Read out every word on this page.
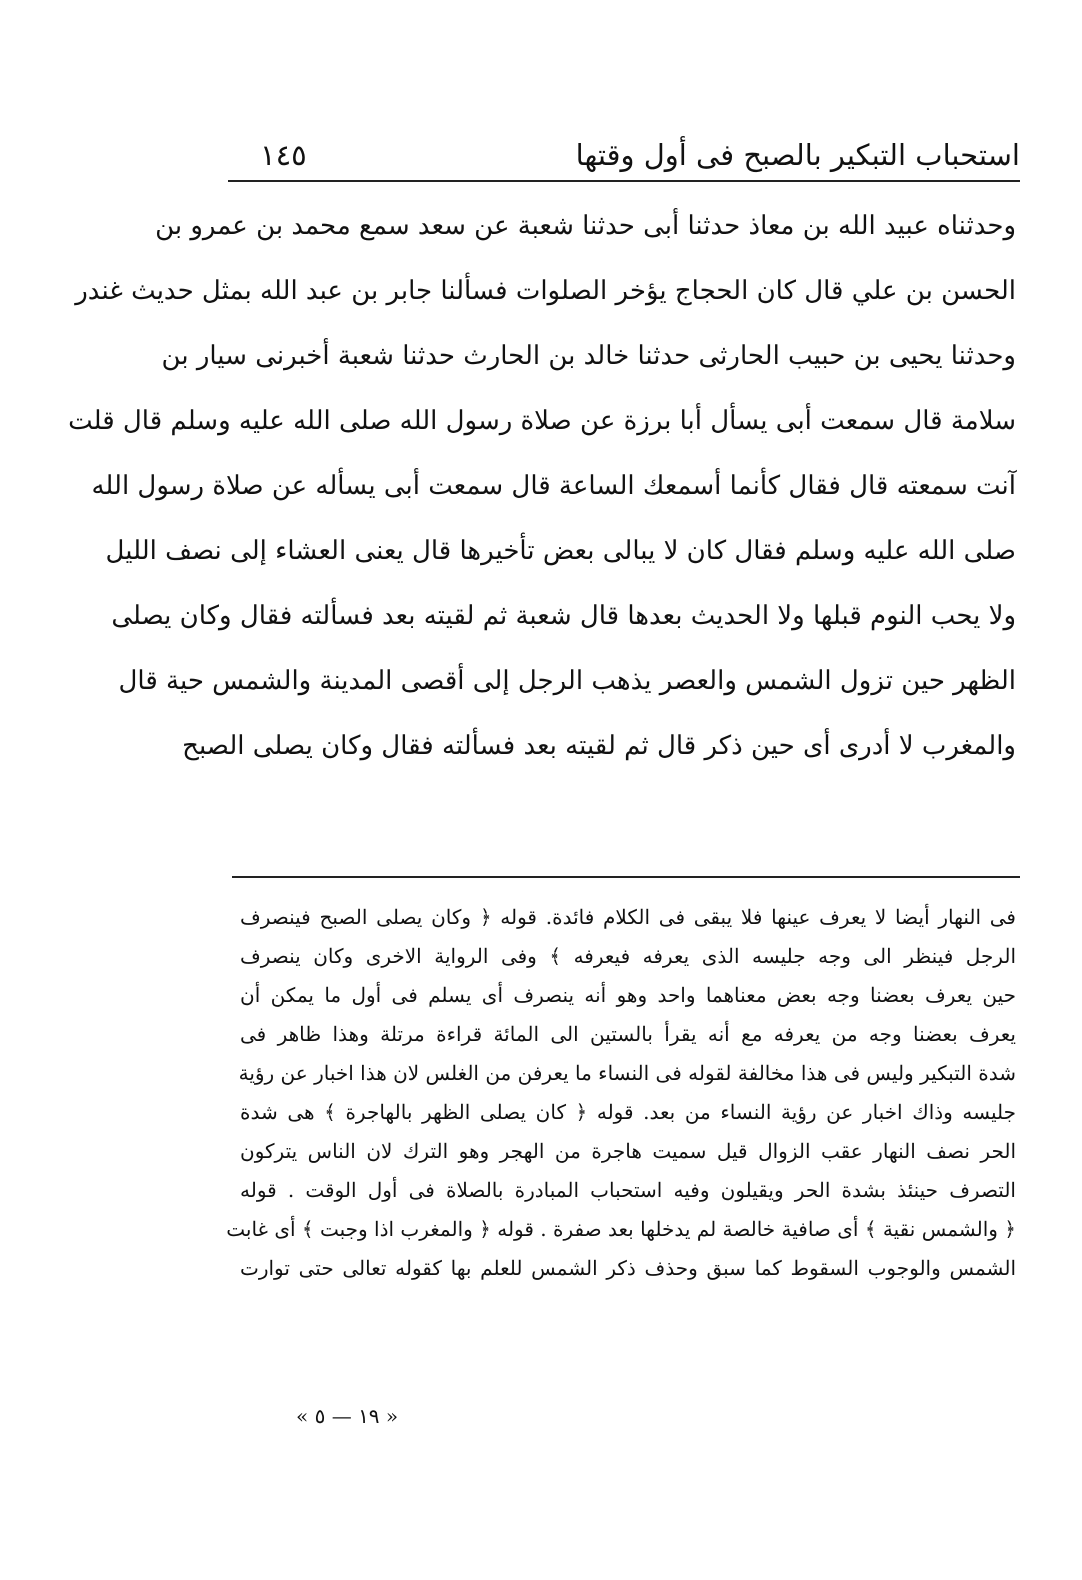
استحباب التبكير بالصبح فى أول وقتها
١٤٥
وحدثناه عبيد الله بن معاذ حدثنا أبى حدثنا شعبة عن سعد سمع محمد بن عمرو بن
الحسن بن علي قال كان الحجاج يؤخر الصلوات فسألنا جابر بن عبد الله بمثل حديث غندر
وحدثنا يحيى بن حبيب الحارثى حدثنا خالد بن الحارث حدثنا شعبة أخبرنى سيار بن
سلامة قال سمعت أبى يسأل أبا برزة عن صلاة رسول الله صلى الله عليه وسلم قال قلت
آنت سمعته قال فقال كأنما أسمعك الساعة قال سمعت أبى يسأله عن صلاة رسول الله
صلى الله عليه وسلم فقال كان لا يبالى بعض تأخيرها قال يعنى العشاء إلى نصف الليل
ولا يحب النوم قبلها ولا الحديث بعدها قال شعبة ثم لقيته بعد فسألته فقال وكان يصلى
الظهر حين تزول الشمس والعصر يذهب الرجل إلى أقصى المدينة والشمس حية قال
والمغرب لا أدرى أى حين ذكر قال ثم لقيته بعد فسألته فقال وكان يصلى الصبح
فى النهار أيضا لا يعرف عينها فلا يبقى فى الكلام فائدة. قوله ﴿ وكان يصلى الصبح فينصرف
الرجل فينظر الى وجه جليسه الذى يعرفه فيعرفه ﴾ وفى الرواية الاخرى وكان ينصرف
حين يعرف بعضنا وجه بعض معناهما واحد وهو أنه ينصرف أى يسلم فى أول ما يمكن أن
يعرف بعضنا وجه من يعرفه مع أنه يقرأ بالستين الى المائة قراءة مرتلة وهذا ظاهر فى
شدة التبكير وليس فى هذا مخالفة لقوله فى النساء ما يعرفن من الغلس لان هذا اخبار عن رؤية
جليسه وذاك اخبار عن رؤية النساء من بعد. قوله ﴿ كان يصلى الظهر بالهاجرة ﴾ هى شدة
الحر نصف النهار عقب الزوال قيل سميت هاجرة من الهجر وهو الترك لان الناس يتركون
التصرف حينئذ بشدة الحر ويقيلون وفيه استحباب المبادرة بالصلاة فى أول الوقت . قوله
﴿ والشمس نقية ﴾ أى صافية خالصة لم يدخلها بعد صفرة . قوله ﴿ والمغرب اذا وجبت ﴾ أى غابت
الشمس والوجوب السقوط كما سبق وحذف ذكر الشمس للعلم بها كقوله تعالى حتى توارت
« ١٩ — ٥ »
